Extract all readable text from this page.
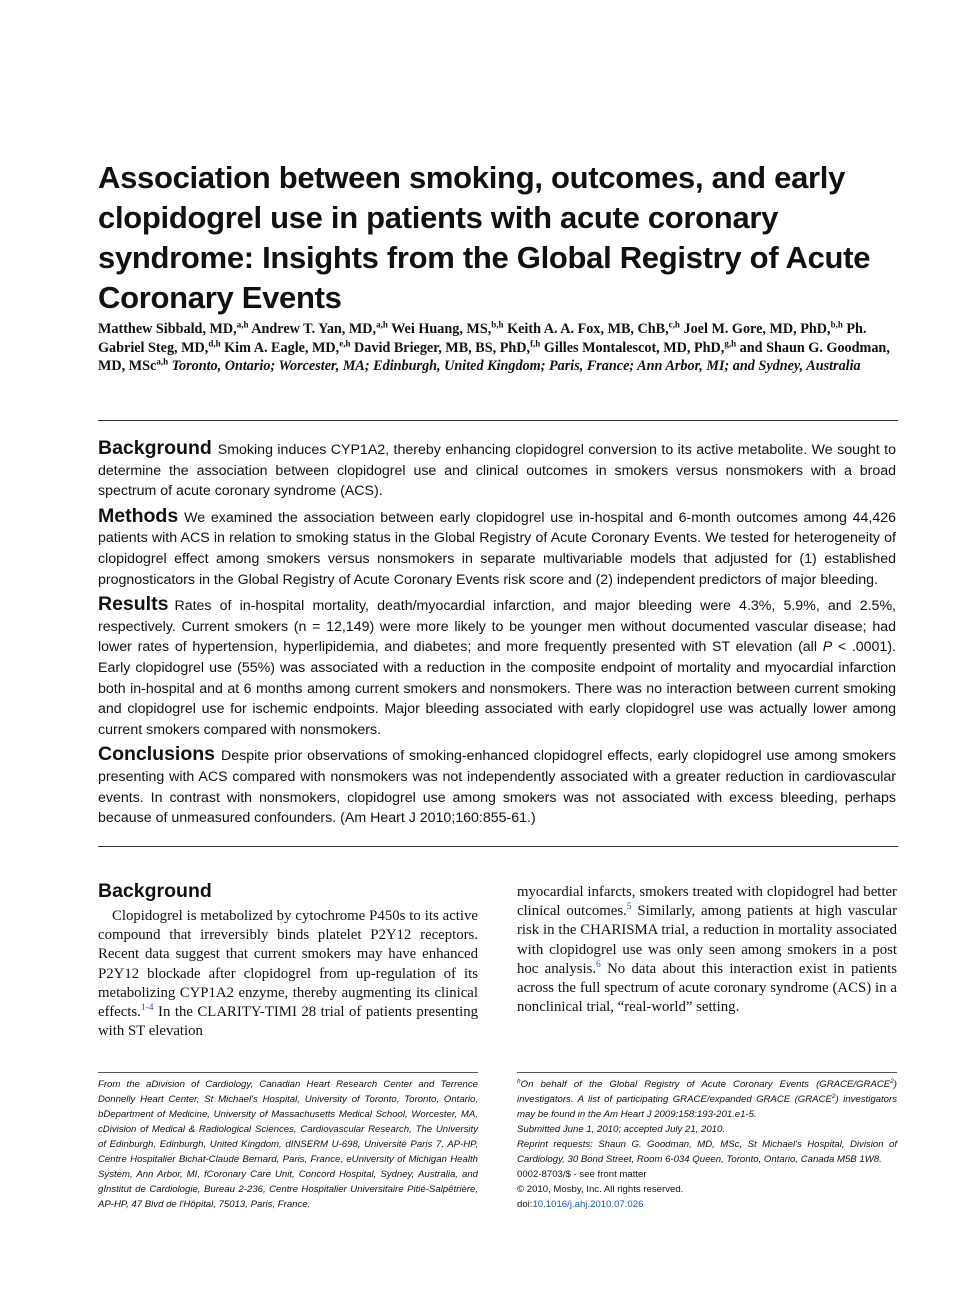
Association between smoking, outcomes, and early clopidogrel use in patients with acute coronary syndrome: Insights from the Global Registry of Acute Coronary Events
Matthew Sibbald, MD,$^{a,h}$ Andrew T. Yan, MD,$^{a,h}$ Wei Huang, MS,$^{b,h}$ Keith A. A. Fox, MB, ChB,$^{c,h}$ Joel M. Gore, MD, PhD,$^{b,h}$ Ph. Gabriel Steg, MD,$^{d,h}$ Kim A. Eagle, MD,$^{e,h}$ David Brieger, MB, BS, PhD,$^{f,h}$ Gilles Montalescot, MD, PhD,$^{g,h}$ and Shaun G. Goodman, MD, MSc$^{a,h}$ Toronto, Ontario; Worcester, MA; Edinburgh, United Kingdom; Paris, France; Ann Arbor, MI; and Sydney, Australia

Background Smoking induces CYP1A2, thereby enhancing clopidogrel conversion to its active metabolite. We sought to determine the association between clopidogrel use and clinical outcomes in smokers versus nonsmokers with a broad spectrum of acute coronary syndrome (ACS).

Methods We examined the association between early clopidogrel use in-hospital and 6-month outcomes among 44,426 patients with ACS in relation to smoking status in the Global Registry of Acute Coronary Events. We tested for heterogeneity of clopidogrel effect among smokers versus nonsmokers in separate multivariable models that adjusted for (1) established prognosticators in the Global Registry of Acute Coronary Events risk score and (2) independent predictors of major bleeding.

Results Rates of in-hospital mortality, death/myocardial infarction, and major bleeding were 4.3%, 5.9%, and 2.5%, respectively. Current smokers (n = 12,149) were more likely to be younger men without documented vascular disease; had lower rates of hypertension, hyperlipidemia, and diabetes; and more frequently presented with ST elevation (all P < .0001). Early clopidogrel use (55%) was associated with a reduction in the composite endpoint of mortality and myocardial infarction both in-hospital and at 6 months among current smokers and nonsmokers. There was no interaction between current smoking and clopidogrel use for ischemic endpoints. Major bleeding associated with early clopidogrel use was actually lower among current smokers compared with nonsmokers.

Conclusions Despite prior observations of smoking-enhanced clopidogrel effects, early clopidogrel use among smokers presenting with ACS compared with nonsmokers was not independently associated with a greater reduction in cardiovascular events. In contrast with nonsmokers, clopidogrel use among smokers was not associated with excess bleeding, perhaps because of unmeasured confounders. (Am Heart J 2010;160:855-61.)

Background

Clopidogrel is metabolized by cytochrome P450s to its active compound that irreversibly binds platelet P2Y12 receptors. Recent data suggest that current smokers may have enhanced P2Y12 blockade after clopidogrel from up-regulation of its metabolizing CYP1A2 enzyme, thereby augmenting its clinical effects.$^{1-4}$ In the CLARITY-TIMI 28 trial of patients presenting with ST elevation

myocardial infarcts, smokers treated with clopidogrel had better clinical outcomes.$^5$ Similarly, among patients at high vascular risk in the CHARISMA trial, a reduction in mortality associated with clopidogrel use was only seen among smokers in a post hoc analysis.$^6$ No data about this interaction exist in patients across the full spectrum of acute coronary syndrome (ACS) in a nonclinical trial, “real-world” setting.

From the aDivision of Cardiology, Canadian Heart Research Center and Terrence Donnelly Heart Center, St Michael's Hospital, University of Toronto, Toronto, Ontario, bDepartment of Medicine, University of Massachusetts Medical School, Worcester, MA, cDivision of Medical & Radiological Sciences, Cardiovascular Research, The University of Edinburgh, Edinburgh, United Kingdom, dINSERM U-698, Université Paris 7, AP-HP, Centre Hospitalier Bichat-Claude Bernard, Paris, France, eUniversity of Michigan Health System, Ann Arbor, MI, fCoronary Care Unit, Concord Hospital, Sydney, Australia, and gInstitut de Cardiologie, Bureau 2-236, Centre Hospitalier Universitaire Pitié-Salpêtrière, AP-HP, 47 Blvd de l'Hôpital, 75013, Paris, France.
$^h$On behalf of the Global Registry of Acute Coronary Events (GRACE/GRACE$^2$) investigators. A list of participating GRACE/expanded GRACE (GRACE$^2$) investigators may be found in the Am Heart J 2009:158:193-201.e1-5.
Submitted June 1, 2010; accepted July 21, 2010.
Reprint requests: Shaun G. Goodman, MD, MSc, St Michael's Hospital, Division of Cardiology, 30 Bond Street, Room 6-034 Queen, Toronto, Ontario, Canada M5B 1W8.
0002-8703/$ - see front matter
© 2010, Mosby, Inc. All rights reserved.
doi:10.1016/j.ahj.2010.07.026
